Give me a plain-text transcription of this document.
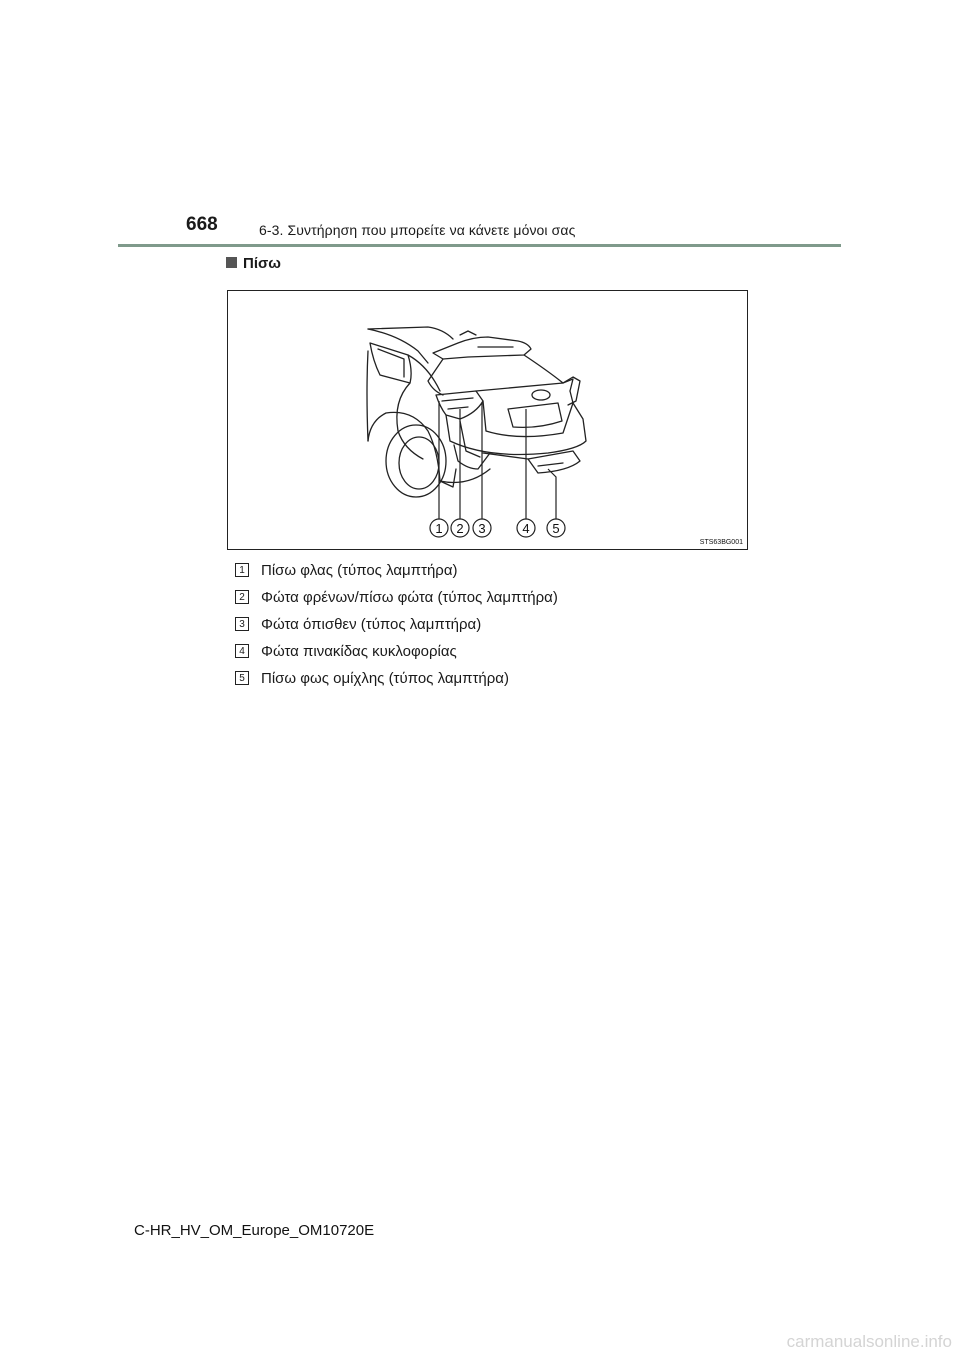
668	6-3. Συντήρηση που μπορείτε να κάνετε μόνοι σας
Πίσω
1 2 3	4 5
STS63BG001
1 Πίσω φλας (τύπος λαμπτήρα)
2 Φώτα φρένων/πίσω φώτα (τύπος λαμπτήρα)
3 Φώτα όπισθεν (τύπος λαμπτήρα)
4 Φώτα πινακίδας κυκλοφορίας
5 Πίσω φως ομίχλης (τύπος λαμπτήρα)
C-HR_HV_OM_Europe_OM10720E
carmanualsonline.info
